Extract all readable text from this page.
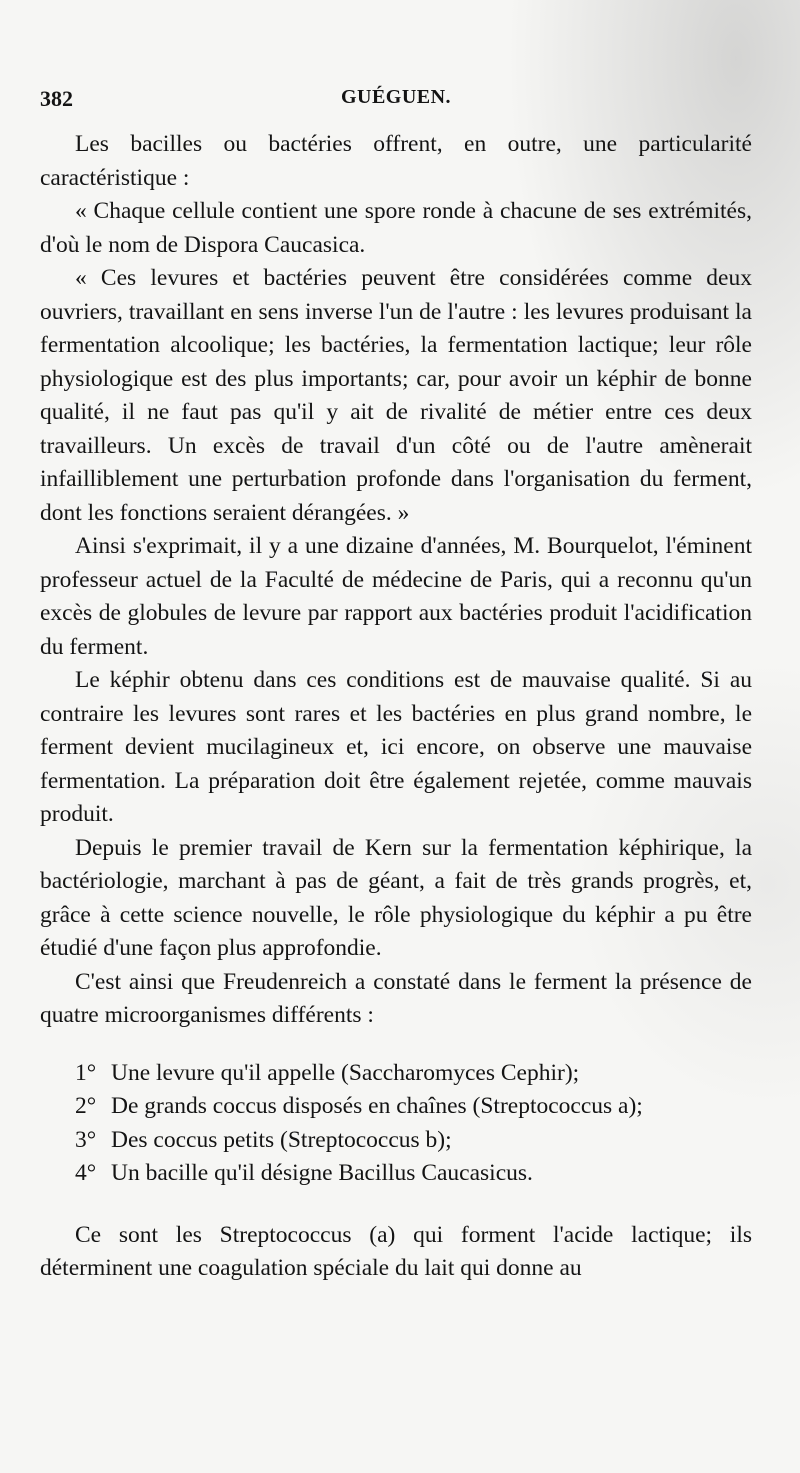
382	GUÉGUEN.

Les bacilles ou bactéries offrent, en outre, une particularité caractéristique :

« Chaque cellule contient une spore ronde à chacune de ses extrémités, d'où le nom de Dispora Caucasica.

« Ces levures et bactéries peuvent être considérées comme deux ouvriers, travaillant en sens inverse l'un de l'autre : les levures produisant la fermentation alcoolique; les bactéries, la fermentation lactique; leur rôle physiologique est des plus importants; car, pour avoir un képhir de bonne qualité, il ne faut pas qu'il y ait de rivalité de métier entre ces deux travailleurs. Un excès de travail d'un côté ou de l'autre amènerait infailliblement une perturbation profonde dans l'organisation du ferment, dont les fonctions seraient dérangées. »

Ainsi s'exprimait, il y a une dizaine d'années, M. Bourquelot, l'éminent professeur actuel de la Faculté de médecine de Paris, qui a reconnu qu'un excès de globules de levure par rapport aux bactéries produit l'acidification du ferment.

Le képhir obtenu dans ces conditions est de mauvaise qualité. Si au contraire les levures sont rares et les bactéries en plus grand nombre, le ferment devient mucilagineux et, ici encore, on observe une mauvaise fermentation. La préparation doit être également rejetée, comme mauvais produit.

Depuis le premier travail de Kern sur la fermentation képhirique, la bactériologie, marchant à pas de géant, a fait de très grands progrès, et, grâce à cette science nouvelle, le rôle physiologique du képhir a pu être étudié d'une façon plus approfondie.

C'est ainsi que Freudenreich a constaté dans le ferment la présence de quatre microorganismes différents :

1° Une levure qu'il appelle (Saccharomyces Cephir);
2° De grands coccus disposés en chaînes (Streptococcus a);
3° Des coccus petits (Streptococcus b);
4° Un bacille qu'il désigne Bacillus Caucasicus.

Ce sont les Streptococcus (a) qui forment l'acide lactique; ils déterminent une coagulation spéciale du lait qui donne au
